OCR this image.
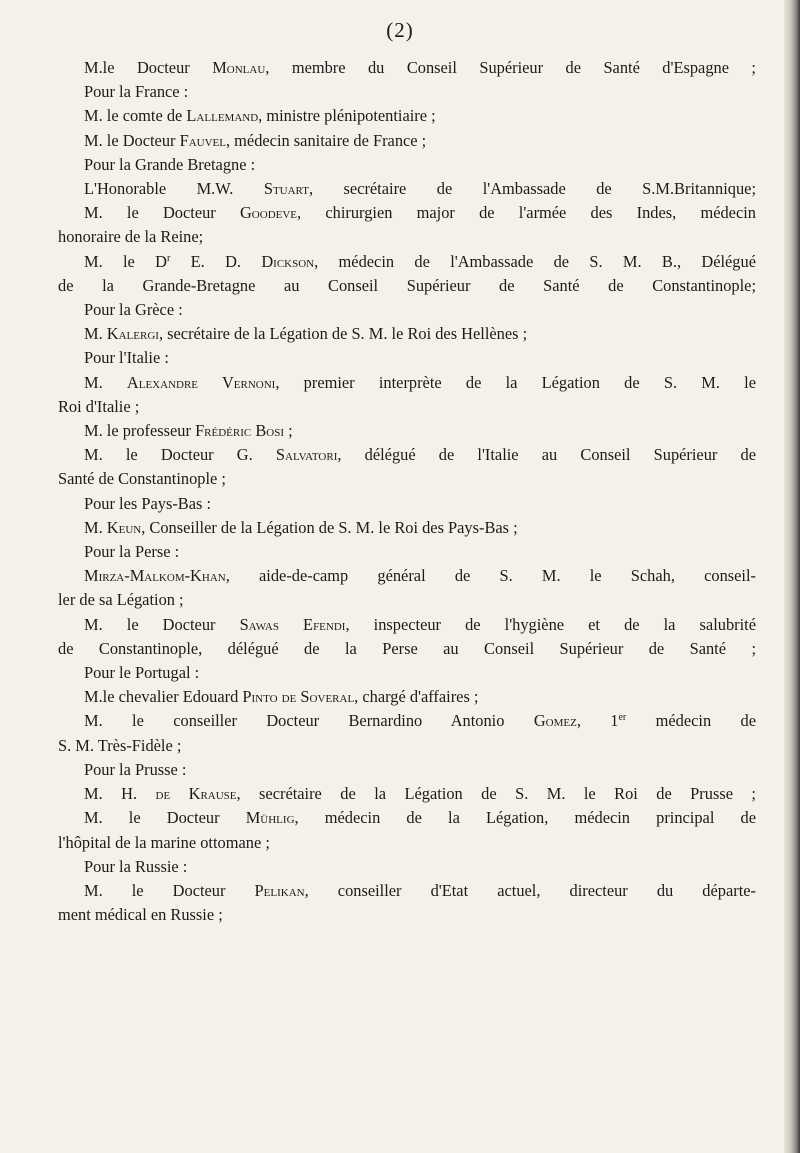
(2)

M.le Docteur Monlau, membre du Conseil Supérieur de Santé d'Espagne ;

Pour la France :

M. le comte de Lallemand, ministre plénipotentiaire ;

M. le Docteur Fauvel, médecin sanitaire de France ;

Pour la Grande Bretagne :

L'Honorable M.W. Stuart, secrétaire de l'Ambassade de S.M.Britannique;

M. le Docteur Goodeve, chirurgien major de l'armée des Indes, médecin

honoraire de la Reine;

M. le $D^r$ E. D. Dickson, médecin de l'Ambassade de S. M. B., Délégué

de la Grande-Bretagne au Conseil Supérieur de Santé de Constantinople;

Pour la Grèce :

M. Kalergi, secrétaire de la Légation de S. M. le Roi des Hellènes ;

Pour l'Italie :

M. Alexandre Vernoni, premier interprète de la Légation de S. M. le

Roi d'Italie ;

M. le professeur Frédéric Bosi ;

M. le Docteur G. Salvatori, délégué de l'Italie au Conseil Supérieur de

Santé de Constantinople ;

Pour les Pays-Bas :

M. Keun, Conseiller de la Légation de S. M. le Roi des Pays-Bas ;

Pour la Perse :

Mirza-Malkom-Khan, aide-de-camp général de S. M. le Schah, conseil-

ler de sa Légation ;

M. le Docteur Sawas Efendi, inspecteur de l'hygiène et de la salubrité

de Constantinople, délégué de la Perse au Conseil Supérieur de Santé ;

Pour le Portugal :

M.le chevalier Edouard Pinto de Soveral, chargé d'affaires ;

M. le conseiller Docteur Bernardino Antonio Gomez, 1er médecin de

S. M. Très-Fidèle ;

Pour la Prusse :

M. H. de Krause, secrétaire de la Légation de S. M. le Roi de Prusse ;

M. le Docteur Mühlig, médecin de la Légation, médecin principal de

l'hôpital de la marine ottomane ;

Pour la Russie :

M. le Docteur Pelikan, conseiller d'Etat actuel, directeur du départe-

ment médical en Russie ;
